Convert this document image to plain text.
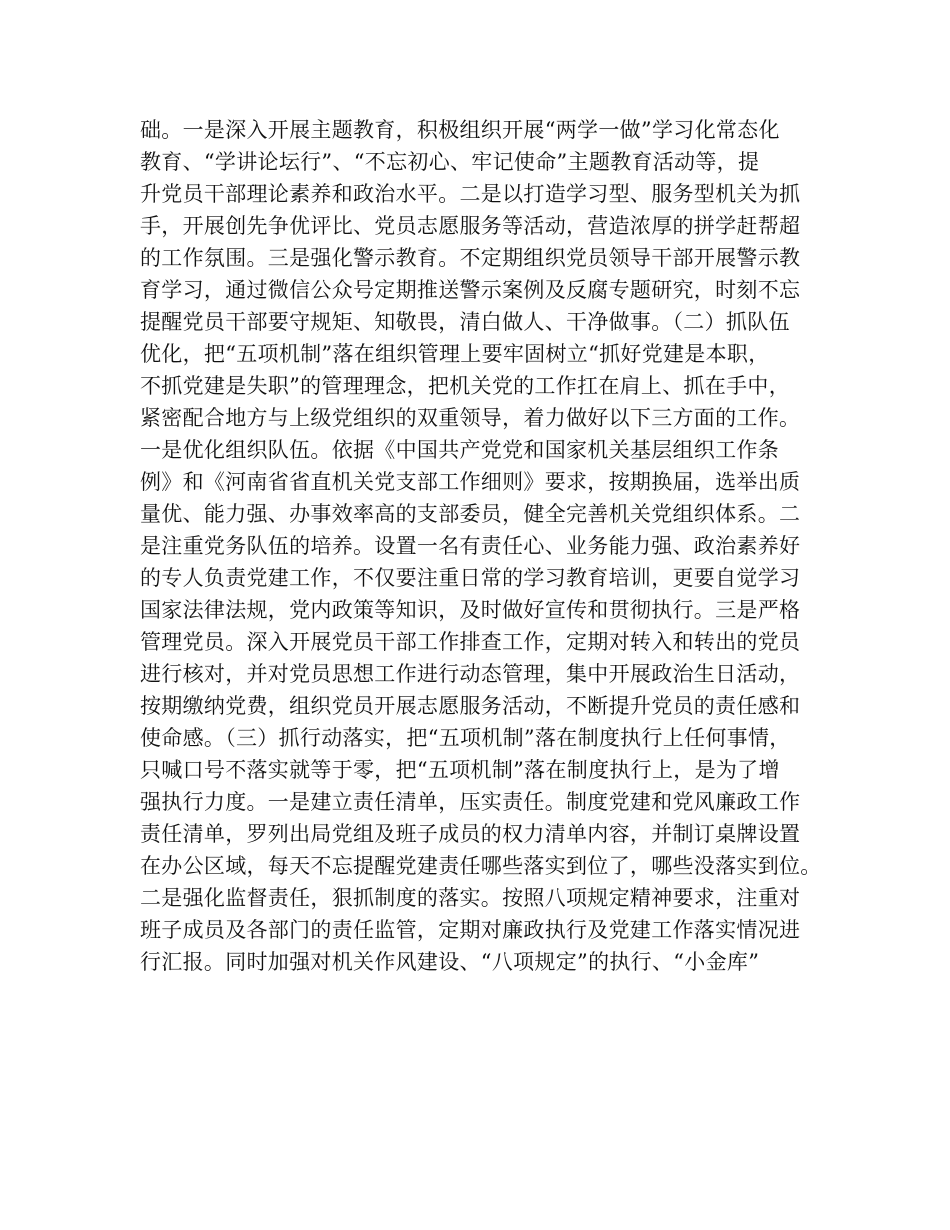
础。一是深入开展主题教育，积极组织开展“两学一做”学习化常态化
教育、“学讲论坛行”、“不忘初心、牢记使命”主题教育活动等，提
升党员干部理论素养和政治水平。二是以打造学习型、服务型机关为抓
手，开展创先争优评比、党员志愿服务等活动，营造浓厚的拼学赶帮超
的工作氛围。三是强化警示教育。不定期组织党员领导干部开展警示教
育学习，通过微信公众号定期推送警示案例及反腐专题研究，时刻不忘
提醒党员干部要守规矩、知敬畏，清白做人、干净做事。（二）抓队伍
优化，把“五项机制”落在组织管理上要牢固树立“抓好党建是本职，
不抓党建是失职”的管理理念，把机关党的工作扛在肩上、抓在手中，
紧密配合地方与上级党组织的双重领导，着力做好以下三方面的工作。
一是优化组织队伍。依据《中国共产党党和国家机关基层组织工作条
例》和《河南省省直机关党支部工作细则》要求，按期换届，选举出质
量优、能力强、办事效率高的支部委员，健全完善机关党组织体系。二
是注重党务队伍的培养。设置一名有责任心、业务能力强、政治素养好
的专人负责党建工作，不仅要注重日常的学习教育培训，更要自觉学习
国家法律法规，党内政策等知识，及时做好宣传和贯彻执行。三是严格
管理党员。深入开展党员干部工作排查工作，定期对转入和转出的党员
进行核对，并对党员思想工作进行动态管理，集中开展政治生日活动，
按期缴纳党费，组织党员开展志愿服务活动，不断提升党员的责任感和
使命感。（三）抓行动落实，把“五项机制”落在制度执行上任何事情，
只喊口号不落实就等于零，把“五项机制”落在制度执行上，是为了增
强执行力度。一是建立责任清单，压实责任。制度党建和党风廉政工作
责任清单，罗列出局党组及班子成员的权力清单内容，并制订桌牌设置
在办公区域，每天不忘提醒党建责任哪些落实到位了，哪些没落实到位。
二是强化监督责任，狠抓制度的落实。按照八项规定精神要求，注重对
班子成员及各部门的责任监管，定期对廉政执行及党建工作落实情况进
行汇报。同时加强对机关作风建设、“八项规定”的执行、“小金库”
